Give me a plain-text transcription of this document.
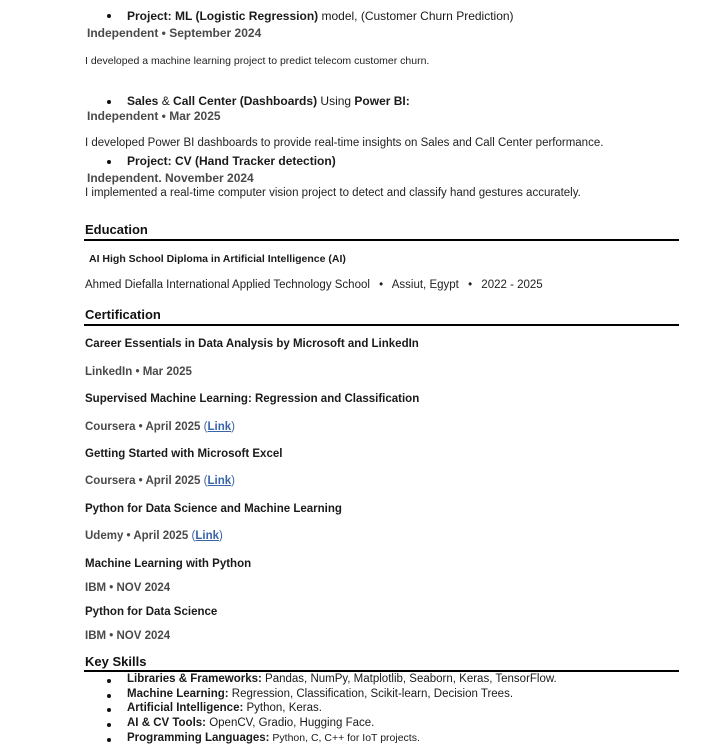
Project: ML (Logistic Regression) model, (Customer Churn Prediction)
Independent • September 2024
I developed a machine learning project to predict telecom customer churn.
Sales & Call Center (Dashboards) Using Power BI:
Independent • Mar 2025
I developed Power BI dashboards to provide real-time insights on Sales and Call Center performance.
Project: CV (Hand Tracker detection)
Independent. November 2024
I implemented a real-time computer vision project to detect and classify hand gestures accurately.
Education
AI High School Diploma in Artificial Intelligence (AI)
Ahmed Diefalla International Applied Technology School • Assiut, Egypt • 2022 - 2025
Certification
Career Essentials in Data Analysis by Microsoft and LinkedIn
LinkedIn • Mar 2025
Supervised Machine Learning: Regression and Classification
Coursera • April 2025 (Link)
Getting Started with Microsoft Excel
Coursera • April 2025 (Link)
Python for Data Science and Machine Learning
Udemy • April 2025 (Link)
Machine Learning with Python
IBM • NOV 2024
Python for Data Science
IBM • NOV 2024
Key Skills
Libraries & Frameworks: Pandas, NumPy, Matplotlib, Seaborn, Keras, TensorFlow.
Machine Learning: Regression, Classification, Scikit-learn, Decision Trees.
Artificial Intelligence: Python, Keras.
AI & CV Tools: OpenCV, Gradio, Hugging Face.
Programming Languages: Python, C, C++ for IoT projects.
